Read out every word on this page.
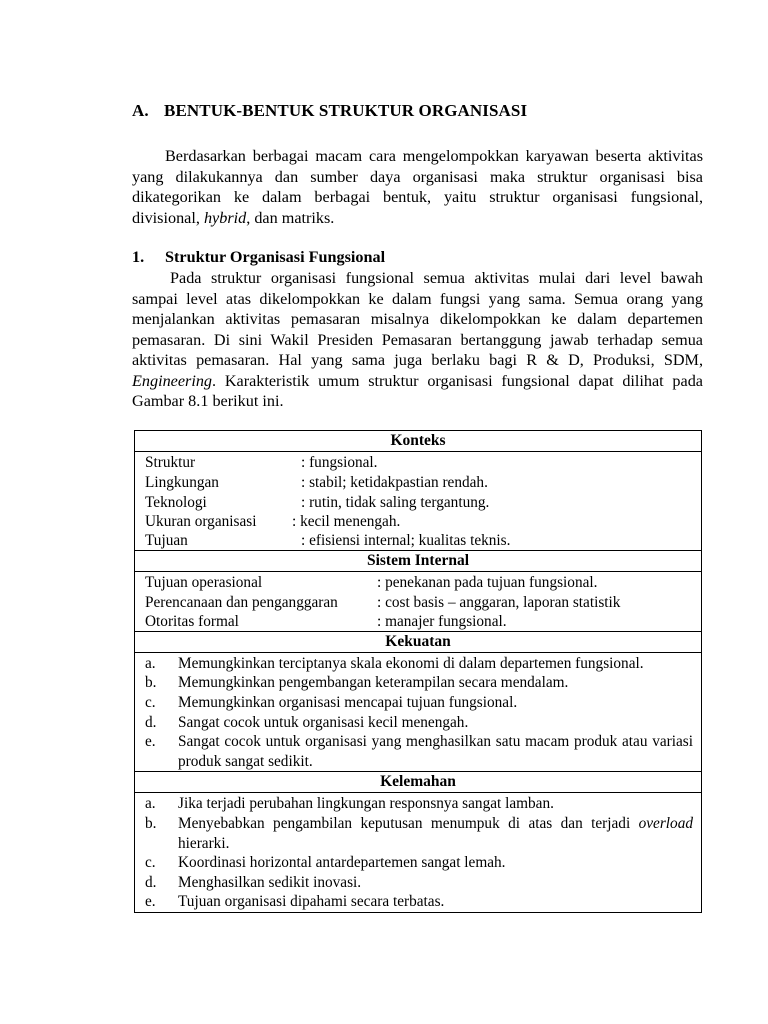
A. BENTUK-BENTUK STRUKTUR ORGANISASI

Berdasarkan berbagai macam cara mengelompokkan karyawan beserta aktivitas yang dilakukannya dan sumber daya organisasi maka struktur organisasi bisa dikategorikan ke dalam berbagai bentuk, yaitu struktur organisasi fungsional, divisional, hybrid, dan matriks.

1. Struktur Organisasi Fungsional

Pada struktur organisasi fungsional semua aktivitas mulai dari level bawah sampai level atas dikelompokkan ke dalam fungsi yang sama. Semua orang yang menjalankan aktivitas pemasaran misalnya dikelompokkan ke dalam departemen pemasaran. Di sini Wakil Presiden Pemasaran bertanggung jawab terhadap semua aktivitas pemasaran. Hal yang sama juga berlaku bagi R & D, Produksi, SDM, Engineering. Karakteristik umum struktur organisasi fungsional dapat dilihat pada Gambar 8.1 berikut ini.

Konteks
Struktur	: fungsional.
Lingkungan	: stabil; ketidakpastian rendah.
Teknologi	: rutin, tidak saling tergantung.
Ukuran organisasi : kecil menengah.
Tujuan	: efisiensi internal; kualitas teknis.
Sistem Internal
Tujuan operasional	: penekanan pada tujuan fungsional.
Perencanaan dan penganggaran	: cost basis – anggaran, laporan statistik
Otoritas formal	: manajer fungsional.
Kekuatan
a.	Memungkinkan terciptanya skala ekonomi di dalam departemen fungsional.
b.	Memungkinkan pengembangan keterampilan secara mendalam.
c.	Memungkinkan organisasi mencapai tujuan fungsional.
d.	Sangat cocok untuk organisasi kecil menengah.
e.	Sangat cocok untuk organisasi yang menghasilkan satu macam produk atau variasi produk sangat sedikit.
Kelemahan
a.	Jika terjadi perubahan lingkungan responsnya sangat lamban.
b.	Menyebabkan pengambilan keputusan menumpuk di atas dan terjadi overload hierarki.
c.	Koordinasi horizontal antardepartemen sangat lemah.
d.	Menghasilkan sedikit inovasi.
e.	Tujuan organisasi dipahami secara terbatas.
